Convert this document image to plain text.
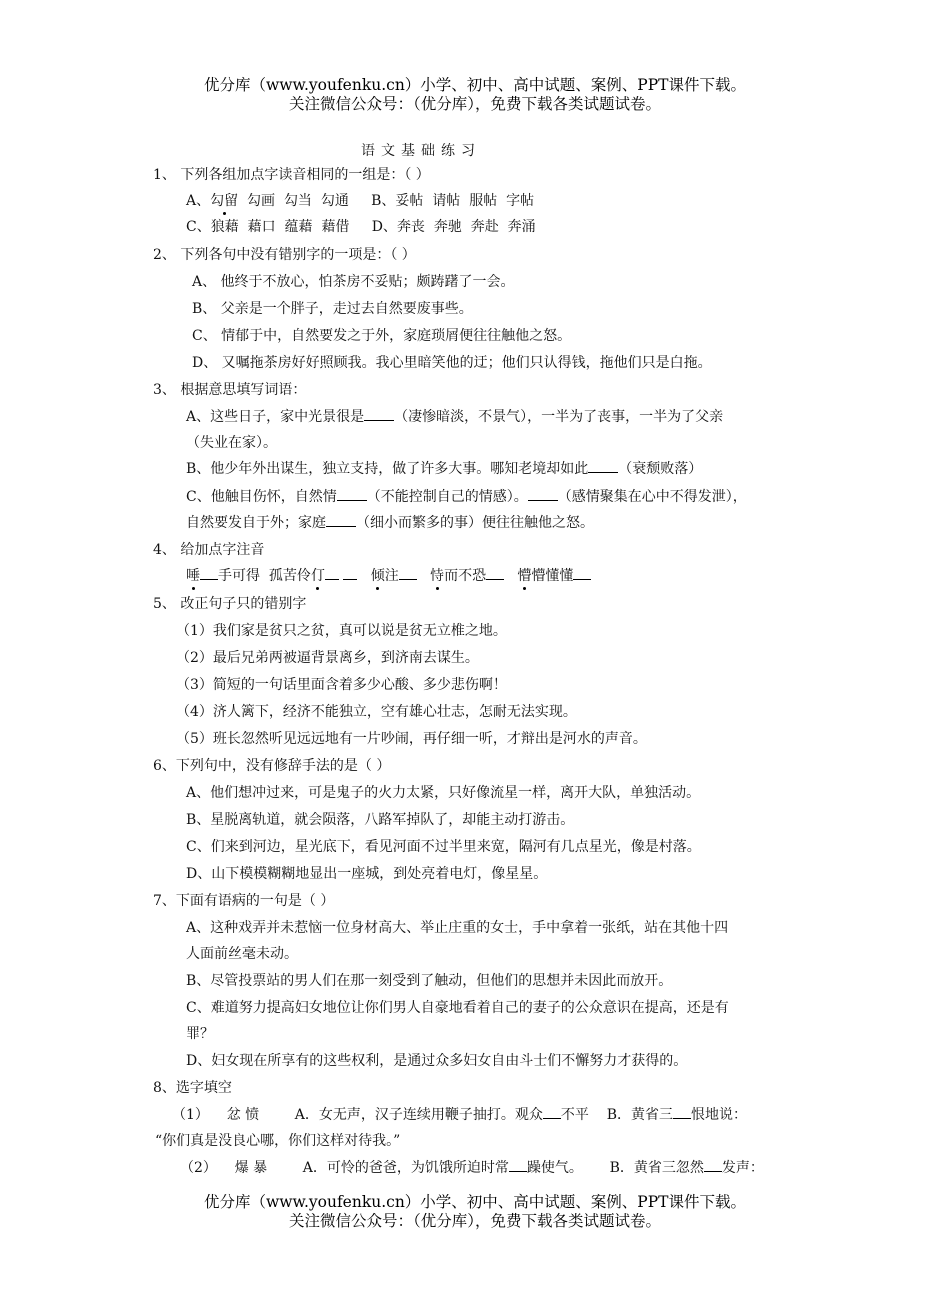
优分库（www.youfenku.cn）小学、初中、高中试题、案例、PPT课件下载。
关注微信公众号：（优分库），免费下载各类试题试卷。
语文基础练习
1、 下列各组加点字读音相同的一组是：（ ）
A、勾留 勾画 勾当 勾通 B、妥帖 请帖 服帖 字帖
C、狼藉 藉口 蕴藉 藉借 D、奔丧 奔驰 奔赴 奔涌
2、 下列各句中没有错别字的一项是：（ ）
A、 他终于不放心，怕茶房不妥贴；颇踌躇了一会。
B、 父亲是一个胖子，走过去自然要废事些。
C、 情郁于中，自然要发之于外，家庭琐屑便往往触他之怒。
D、 又嘱拖茶房好好照顾我。我心里暗笑他的迂；他们只认得钱，拖他们只是白拖。
3、 根据意思填写词语：
A、这些日子，家中光景很是 （凄惨暗淡，不景气），一半为了丧事，一半为了父亲
（失业在家）。
B、他少年外出谋生，独立支持，做了许多大事。哪知老境却如此 （衰颓败落）
C、他触目伤怀，自然情 （不能控制自己的情感）。 （感情聚集在心中不得发泄），
自然要发自于外；家庭 （细小而繁多的事）便往往触他之怒。
4、 给加点字注音
唾 手可得 孤苦伶仃	倾注 恃而不恐 懵懵懂懂
5、 改正句子只的错别字
（1）我们家是贫只之贫，真可以说是贫无立椎之地。
（2）最后兄弟两被逼背景离乡，到济南去谋生。
（3）简短的一句话里面含着多少心酸、多少悲伤啊！
（4）济人篱下，经济不能独立，空有雄心壮志，怎耐无法实现。
（5）班长忽然听见远远地有一片吵闹，再仔细一听，才辩出是河水的声音。
6、下列句中，没有修辞手法的是（ ）
A、他们想冲过来，可是鬼子的火力太紧，只好像流星一样，离开大队，单独活动。
B、星脱离轨道，就会陨落，八路军掉队了，却能主动打游击。
C、们来到河边，星光底下，看见河面不过半里来宽，隔河有几点星光，像是村落。
D、山下模模糊糊地显出一座城，到处亮着电灯，像星星。
7、下面有语病的一句是（ ）
A、这种戏弄并未惹恼一位身材高大、举止庄重的女士，手中拿着一张纸，站在其他十四
人面前丝毫未动。
B、尽管投票站的男人们在那一刻受到了触动，但他们的思想并未因此而放开。
C、难道努力提高妇女地位让你们男人自豪地看着自己的妻子的公众意识在提高，还是有
罪？
D、妇女现在所享有的这些权利，是通过众多妇女自由斗士们不懈努力才获得的。
8、选字填空
（1） 忿 愤	A．女无声，汉子连续用鞭子抽打。观众 不平 B．黄省三 恨地说：
“你们真是没良心哪，你们这样对待我。”
（2） 爆 暴	A．可怜的爸爸，为饥饿所迫时常 躁使气。 B．黄省三忽然 发声：
优分库（www.youfenku.cn）小学、初中、高中试题、案例、PPT课件下载。
关注微信公众号：（优分库），免费下载各类试题试卷。
